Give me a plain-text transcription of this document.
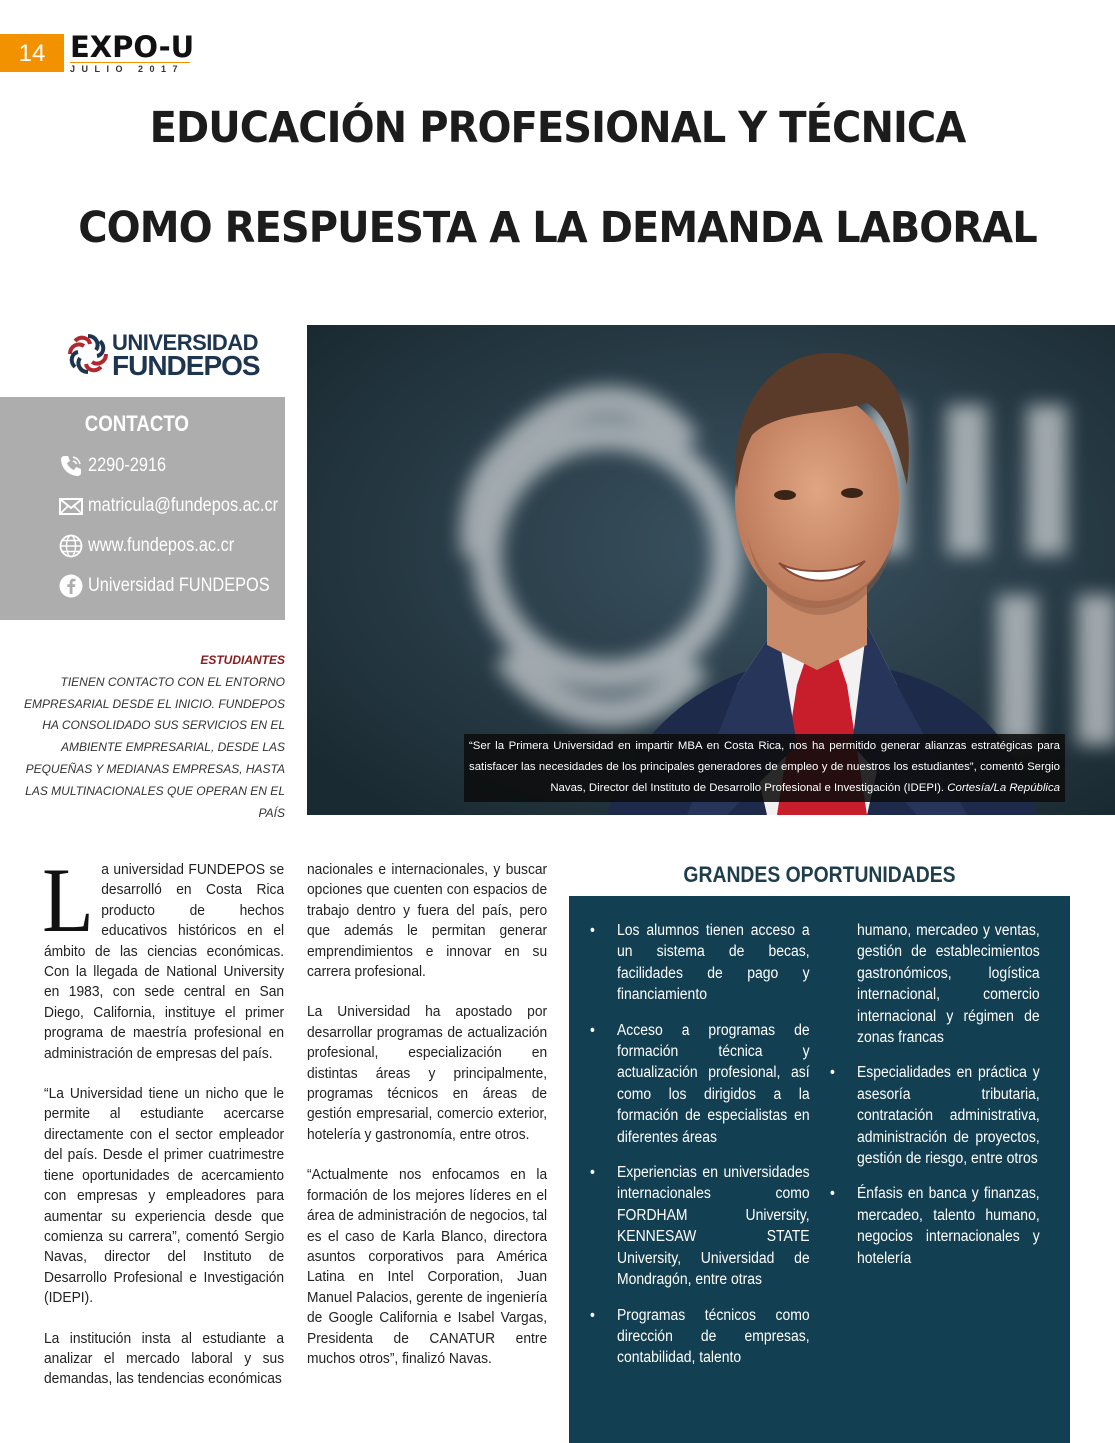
14 EXPO-U
JULIO 2017
EDUCACIÓN PROFESIONAL Y TÉCNICA
COMO RESPUESTA A LA DEMANDA LABORAL
UNIVERSIDAD
FUNDEPOS
CONTACTO
2290-2916
matricula@fundepos.ac.cr
www.fundepos.ac.cr
Universidad FUNDEPOS
ESTUDIANTES
TIENEN CONTACTO CON EL ENTORNO EMPRESARIAL DESDE EL INICIO. FUNDEPOS HA CONSOLIDADO SUS SERVICIOS EN EL AMBIENTE EMPRESARIAL, DESDE LAS PEQUEÑAS Y MEDIANAS EMPRESAS, HASTA LAS MULTINACIONALES QUE OPERAN EN EL PAÍS
“Ser la Primera Universidad en impartir MBA en Costa Rica, nos ha permitido generar alianzas estratégicas para satisfacer las necesidades de los principales generadores de empleo y de nuestros los estudiantes”, comentó Sergio Navas, Director del Instituto de Desarrollo Profesional e Investigación (IDEPI). Cortesía/La República

La universidad FUNDEPOS se desarrolló en Costa Rica producto de hechos educativos históricos en el ámbito de las ciencias económicas. Con la llegada de National University en 1983, con sede central en San Diego, California, instituye el primer programa de maestría profesional en administración de empresas del país.

“La Universidad tiene un nicho que le permite al estudiante acercarse directamente con el sector empleador del país. Desde el primer cuatrimestre tiene oportunidades de acercamiento con empresas y empleadores para aumentar su experiencia desde que comienza su carrera”, comentó Sergio Navas, director del Instituto de Desarrollo Profesional e Investigación (IDEPI).

La institución insta al estudiante a analizar el mercado laboral y sus demandas, las tendencias económicas

nacionales e internacionales, y buscar opciones que cuenten con espacios de trabajo dentro y fuera del país, pero que además le permitan generar emprendimientos e innovar en su carrera profesional.

La Universidad ha apostado por desarrollar programas de actualización profesional, especialización en distintas áreas y principalmente, programas técnicos en áreas de gestión empresarial, comercio exterior, hotelería y gastronomía, entre otros.

“Actualmente nos enfocamos en la formación de los mejores líderes en el área de administración de negocios, tal es el caso de Karla Blanco, directora asuntos corporativos para América Latina en Intel Corporation, Juan Manuel Palacios, gerente de ingeniería de Google California e Isabel Vargas, Presidenta de CANATUR entre muchos otros”, finalizó Navas.

GRANDES OPORTUNIDADES
• Los alumnos tienen acceso a un sistema de becas, facilidades de pago y financiamiento
• Acceso a programas de formación técnica y actualización profesional, así como los dirigidos a la formación de especialistas en diferentes áreas
• Experiencias en universidades internacionales como FORDHAM University, KENNESAW STATE University, Universidad de Mondragón, entre otras
• Programas técnicos como dirección de empresas, contabilidad, talento
humano, mercadeo y ventas, gestión de establecimientos gastronómicos, logística internacional, comercio internacional y régimen de zonas francas
• Especialidades en práctica y asesoría tributaria, contratación administrativa, administración de proyectos, gestión de riesgo, entre otros
• Énfasis en banca y finanzas, mercadeo, talento humano, negocios internacionales y hotelería
